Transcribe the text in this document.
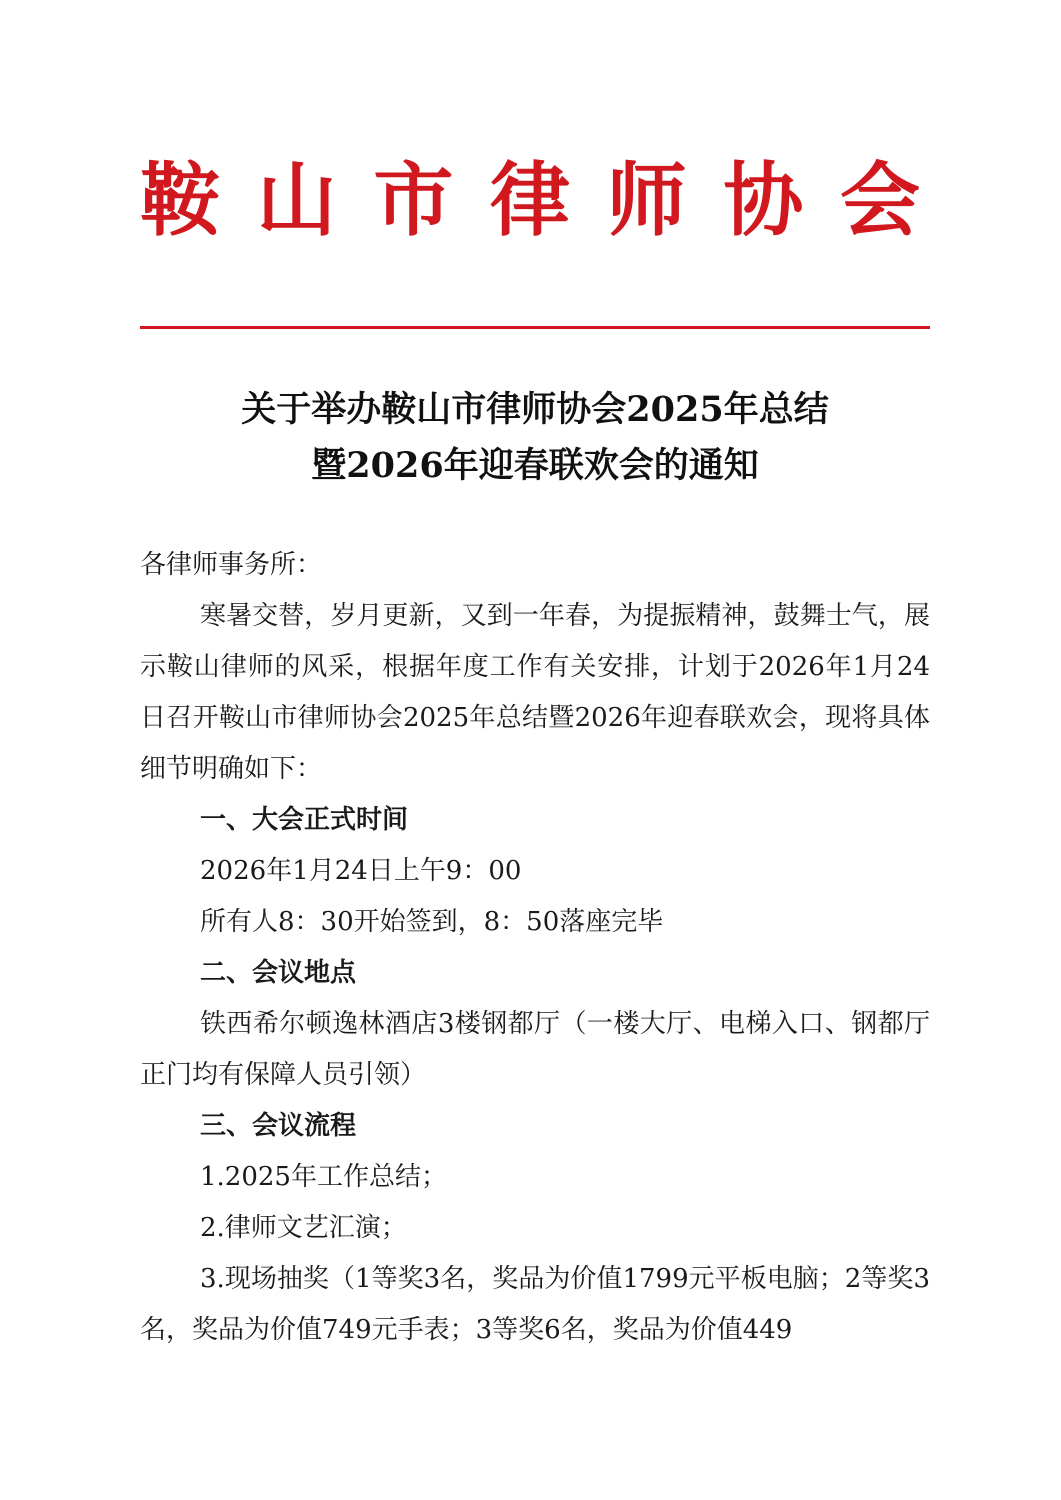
鞍山市律师协会
关于举办鞍山市律师协会2025年总结
暨2026年迎春联欢会的通知

各律师事务所：

寒暑交替，岁月更新，又到一年春，为提振精神，鼓舞士气，展示鞍山律师的风采，根据年度工作有关安排，计划于2026年1月24日召开鞍山市律师协会2025年总结暨2026年迎春联欢会，现将具体细节明确如下：

一、大会正式时间

2026年1月24日上午9：00

所有人8：30开始签到，8：50落座完毕

二、会议地点

铁西希尔顿逸林酒店3楼钢都厅（一楼大厅、电梯入口、钢都厅正门均有保障人员引领）

三、会议流程

1.2025年工作总结；

2.律师文艺汇演；

3.现场抽奖（1等奖3名，奖品为价值1799元平板电脑；2等奖3名，奖品为价值749元手表；3等奖6名，奖品为价值449
